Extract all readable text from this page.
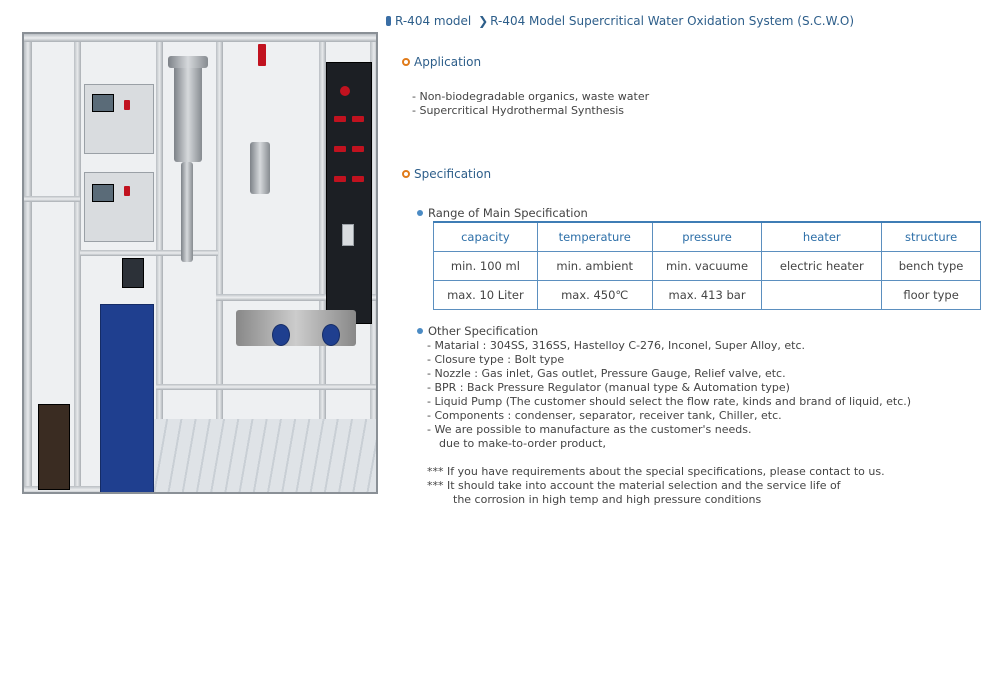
R-404 model ❯ R-404 Model Supercritical Water Oxidation System (S.C.W.O)
Application
- Non-biodegradable organics, waste water
- Supercritical Hydrothermal Synthesis
Specification
Range of Main Specification
capacity	temperature	pressure	heater	structure
min. 100 ml	min. ambient	min. vacuume	electric heater	bench type
max. 10 Liter	max. 450℃	max. 413 bar		floor type
Other Specification
- Matarial : 304SS, 316SS, Hastelloy C-276, Inconel, Super Alloy, etc.
- Closure type : Bolt type
- Nozzle : Gas inlet, Gas outlet, Pressure Gauge, Relief valve, etc.
- BPR : Back Pressure Regulator (manual type & Automation type)
- Liquid Pump (The customer should select the flow rate, kinds and brand of liquid, etc.)
- Components : condenser, separator, receiver tank, Chiller, etc.
- We are possible to manufacture as the customer's needs.
due to make-to-order product,
*** If you have requirements about the special specifications, please contact to us.
*** It should take into account the material selection and the service life of
the corrosion in high temp and high pressure conditions
